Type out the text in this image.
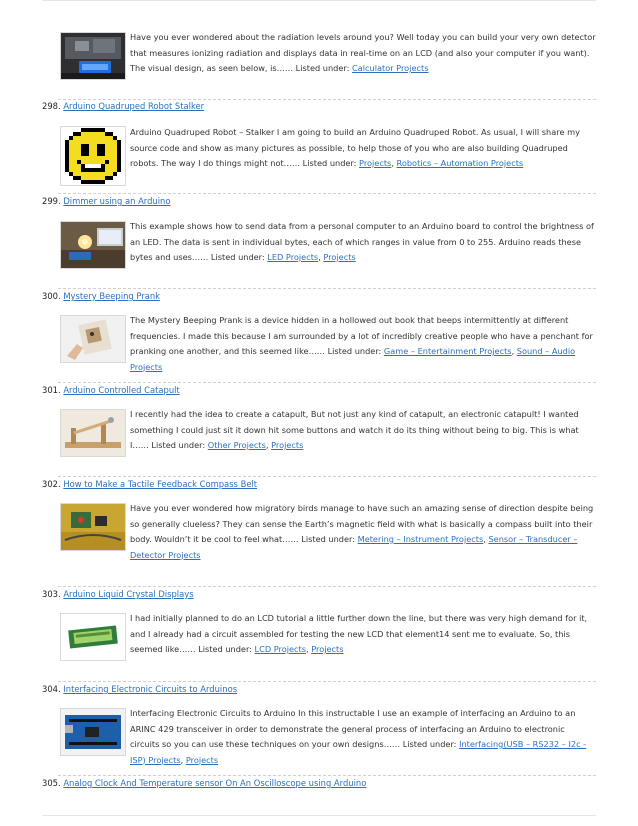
Have you ever wondered about the radiation levels around you? Well today you can build your very own detector that measures ionizing radiation and displays data in real-time on an LCD (and also your computer if you want). The visual design, as seen below, is…… Listed under: Calculator Projects

298. Arduino Quadruped Robot Stalker

Arduino Quadruped Robot – Stalker I am going to build an Arduino Quadruped Robot. As usual, I will share my source code and show as many pictures as possible, to help those of you who are also building Quadruped robots. The way I do things might not…… Listed under: Projects, Robotics – Automation Projects

299. Dimmer using an Arduino

This example shows how to send data from a personal computer to an Arduino board to control the brightness of an LED. The data is sent in individual bytes, each of which ranges in value from 0 to 255. Arduino reads these bytes and uses…… Listed under: LED Projects, Projects

300. Mystery Beeping Prank

The Mystery Beeping Prank is a device hidden in a hollowed out book that beeps intermittently at different frequencies. I made this because I am surrounded by a lot of incredibly creative people who have a penchant for pranking one another, and this seemed like…… Listed under: Game – Entertainment Projects, Sound – Audio Projects

301. Arduino Controlled Catapult

I recently had the idea to create a catapult, But not just any kind of catapult, an electronic catapult! I wanted something I could just sit it down hit some buttons and watch it do its thing without being to big. This is what I…… Listed under: Other Projects, Projects

302. How to Make a Tactile Feedback Compass Belt

Have you ever wondered how migratory birds manage to have such an amazing sense of direction despite being so generally clueless? They can sense the Earth’s magnetic field with what is basically a compass built into their body. Wouldn’t it be cool to feel what…… Listed under: Metering – Instrument Projects, Sensor – Transducer – Detector Projects

303. Arduino Liquid Crystal Displays

I had initially planned to do an LCD tutorial a little further down the line, but there was very high demand for it, and I already had a circuit assembled for testing the new LCD that element14 sent me to evaluate. So, this seemed like…… Listed under: LCD Projects, Projects

304. Interfacing Electronic Circuits to Arduinos

Interfacing Electronic Circuits to Arduino In this instructable I use an example of interfacing an Arduino to an ARINC 429 transceiver in order to demonstrate the general process of interfacing an Arduino to electronic circuits so you can use these techniques on your own designs…… Listed under: Interfacing(USB – RS232 – I2c -ISP) Projects, Projects

305. Analog Clock And Temperature sensor On An Oscilloscope using Arduino
